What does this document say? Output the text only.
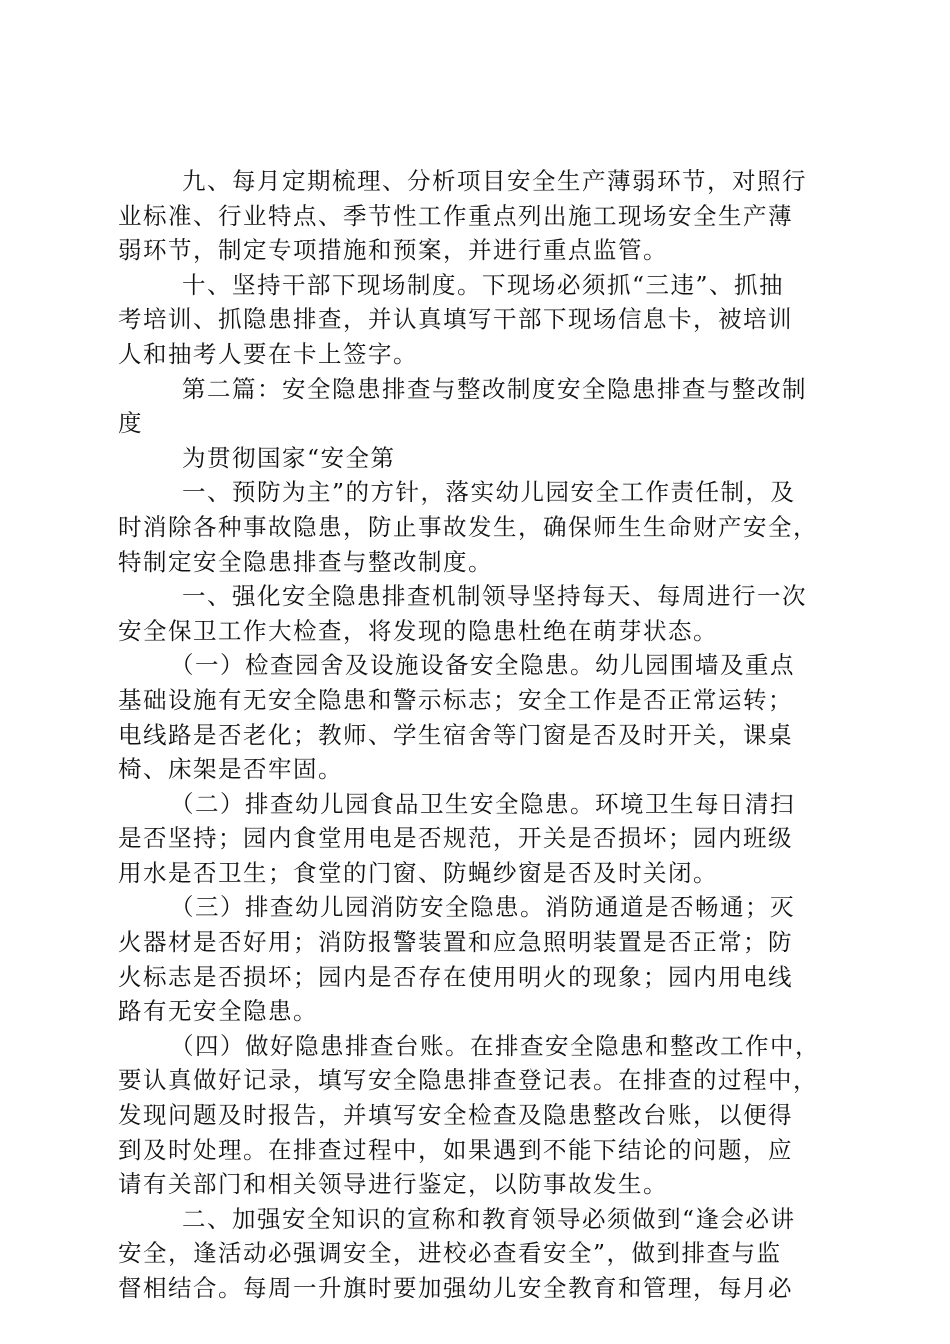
九、每月定期梳理、分析项目安全生产薄弱环节，对照行
业标准、行业特点、季节性工作重点列出施工现场安全生产薄
弱环节，制定专项措施和预案，并进行重点监管。

十、坚持干部下现场制度。下现场必须抓“三违”、抓抽
考培训、抓隐患排查，并认真填写干部下现场信息卡，被培训
人和抽考人要在卡上签字。

第二篇：安全隐患排查与整改制度安全隐患排查与整改制
度

为贯彻国家“安全第

一、预防为主”的方针，落实幼儿园安全工作责任制，及
时消除各种事故隐患，防止事故发生，确保师生生命财产安全，
特制定安全隐患排查与整改制度。

一、强化安全隐患排查机制领导坚持每天、每周进行一次
安全保卫工作大检查，将发现的隐患杜绝在萌芽状态。

（一）检查园舍及设施设备安全隐患。幼儿园围墙及重点
基础设施有无安全隐患和警示标志；安全工作是否正常运转；
电线路是否老化；教师、学生宿舍等门窗是否及时开关，课桌
椅、床架是否牢固。

（二）排查幼儿园食品卫生安全隐患。环境卫生每日清扫
是否坚持；园内食堂用电是否规范，开关是否损坏；园内班级
用水是否卫生；食堂的门窗、防蝇纱窗是否及时关闭。

（三）排查幼儿园消防安全隐患。消防通道是否畅通；灭
火器材是否好用；消防报警装置和应急照明装置是否正常；防
火标志是否损坏；园内是否存在使用明火的现象；园内用电线
路有无安全隐患。

（四）做好隐患排查台账。在排查安全隐患和整改工作中，
要认真做好记录，填写安全隐患排查登记表。在排查的过程中，
发现问题及时报告，并填写安全检查及隐患整改台账，以便得
到及时处理。在排查过程中，如果遇到不能下结论的问题，应
请有关部门和相关领导进行鉴定，以防事故发生。

二、加强安全知识的宣称和教育领导必须做到“逢会必讲
安全，逢活动必强调安全，进校必查看安全”，做到排查与监
督相结合。每周一升旗时要加强幼儿安全教育和管理，每月必
